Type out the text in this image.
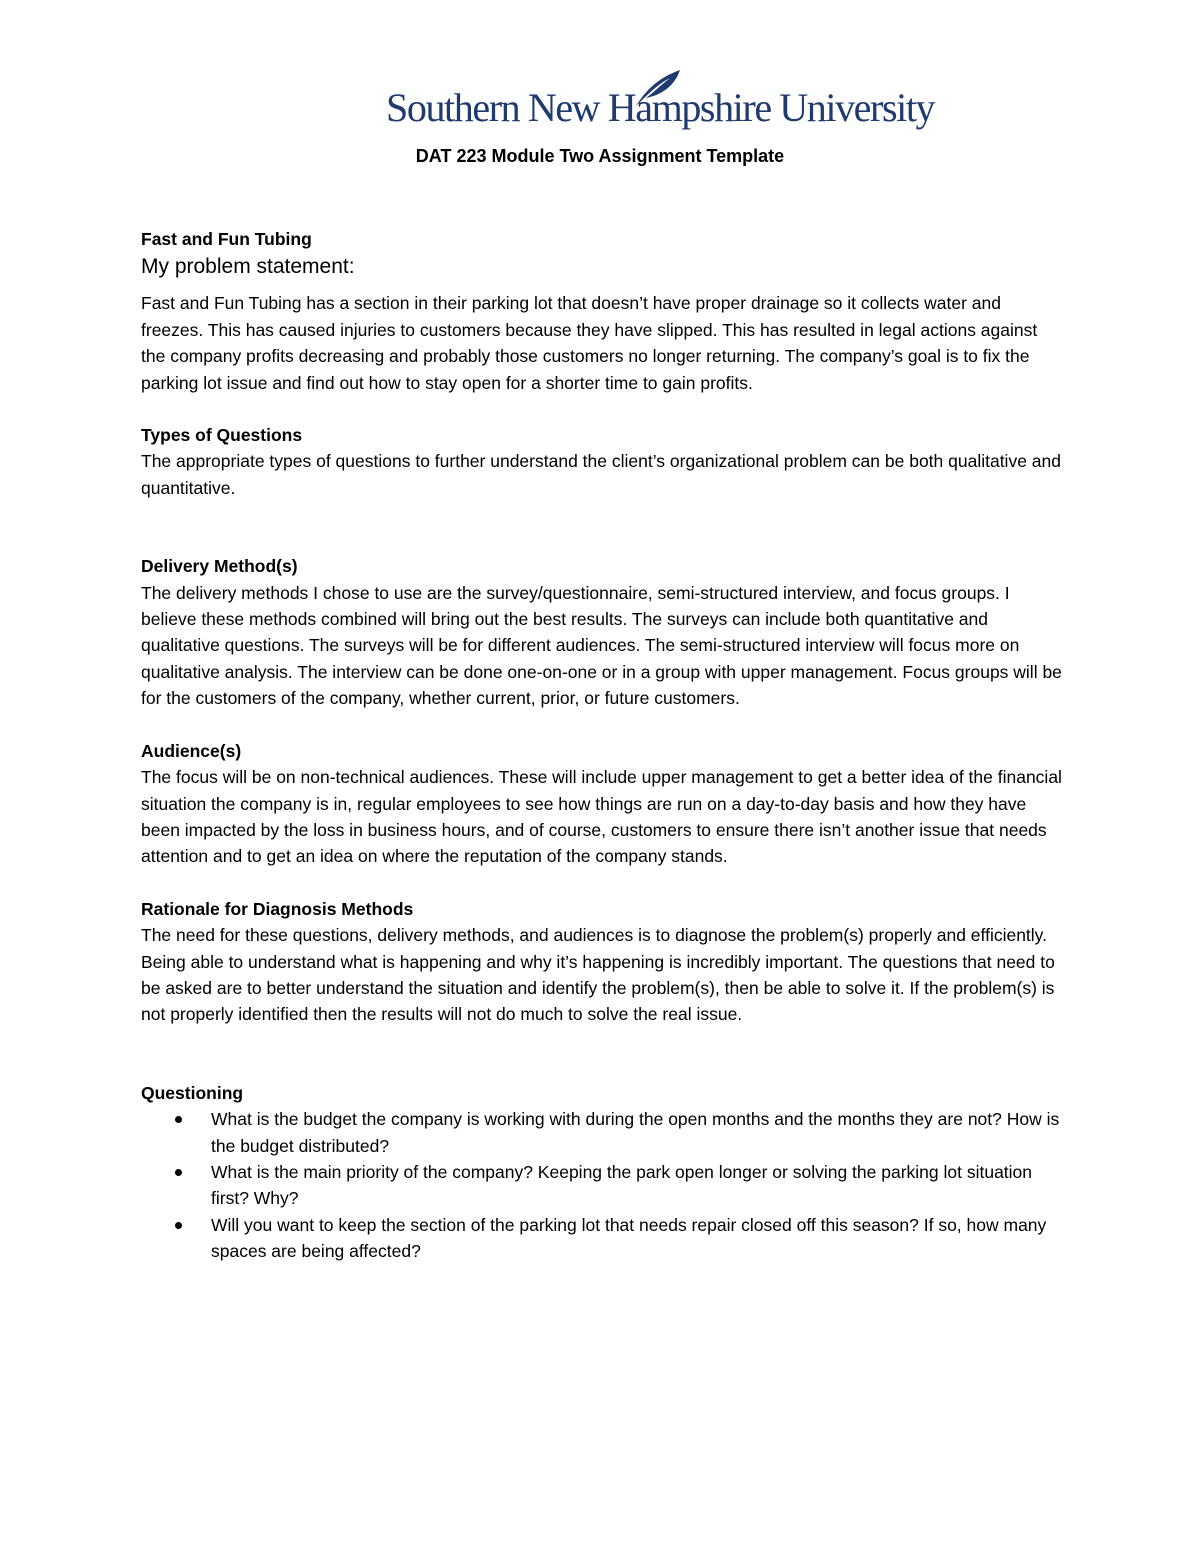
Southern New Hampshire University
DAT 223 Module Two Assignment Template

Fast and Fun Tubing

My problem statement:

Fast and Fun Tubing has a section in their parking lot that doesn’t have proper drainage so it collects water and freezes. This has caused injuries to customers because they have slipped. This has resulted in legal actions against the company profits decreasing and probably those customers no longer returning. The company’s goal is to fix the parking lot issue and find out how to stay open for a shorter time to gain profits.

Types of Questions

The appropriate types of questions to further understand the client’s organizational problem can be both qualitative and quantitative.

Delivery Method(s)

The delivery methods I chose to use are the survey/questionnaire, semi-structured interview, and focus groups. I believe these methods combined will bring out the best results. The surveys can include both quantitative and qualitative questions. The surveys will be for different audiences. The semi-structured interview will focus more on qualitative analysis. The interview can be done one-on-one or in a group with upper management. Focus groups will be for the customers of the company, whether current, prior, or future customers.

Audience(s)

The focus will be on non-technical audiences. These will include upper management to get a better idea of the financial situation the company is in, regular employees to see how things are run on a day-to-day basis and how they have been impacted by the loss in business hours, and of course, customers to ensure there isn’t another issue that needs attention and to get an idea on where the reputation of the company stands.

Rationale for Diagnosis Methods

The need for these questions, delivery methods, and audiences is to diagnose the problem(s) properly and efficiently. Being able to understand what is happening and why it’s happening is incredibly important. The questions that need to be asked are to better understand the situation and identify the problem(s), then be able to solve it. If the problem(s) is not properly identified then the results will not do much to solve the real issue.

Questioning

What is the budget the company is working with during the open months and the months they are not? How is the budget distributed?
What is the main priority of the company? Keeping the park open longer or solving the parking lot situation first? Why?
Will you want to keep the section of the parking lot that needs repair closed off this season? If so, how many spaces are being affected?
